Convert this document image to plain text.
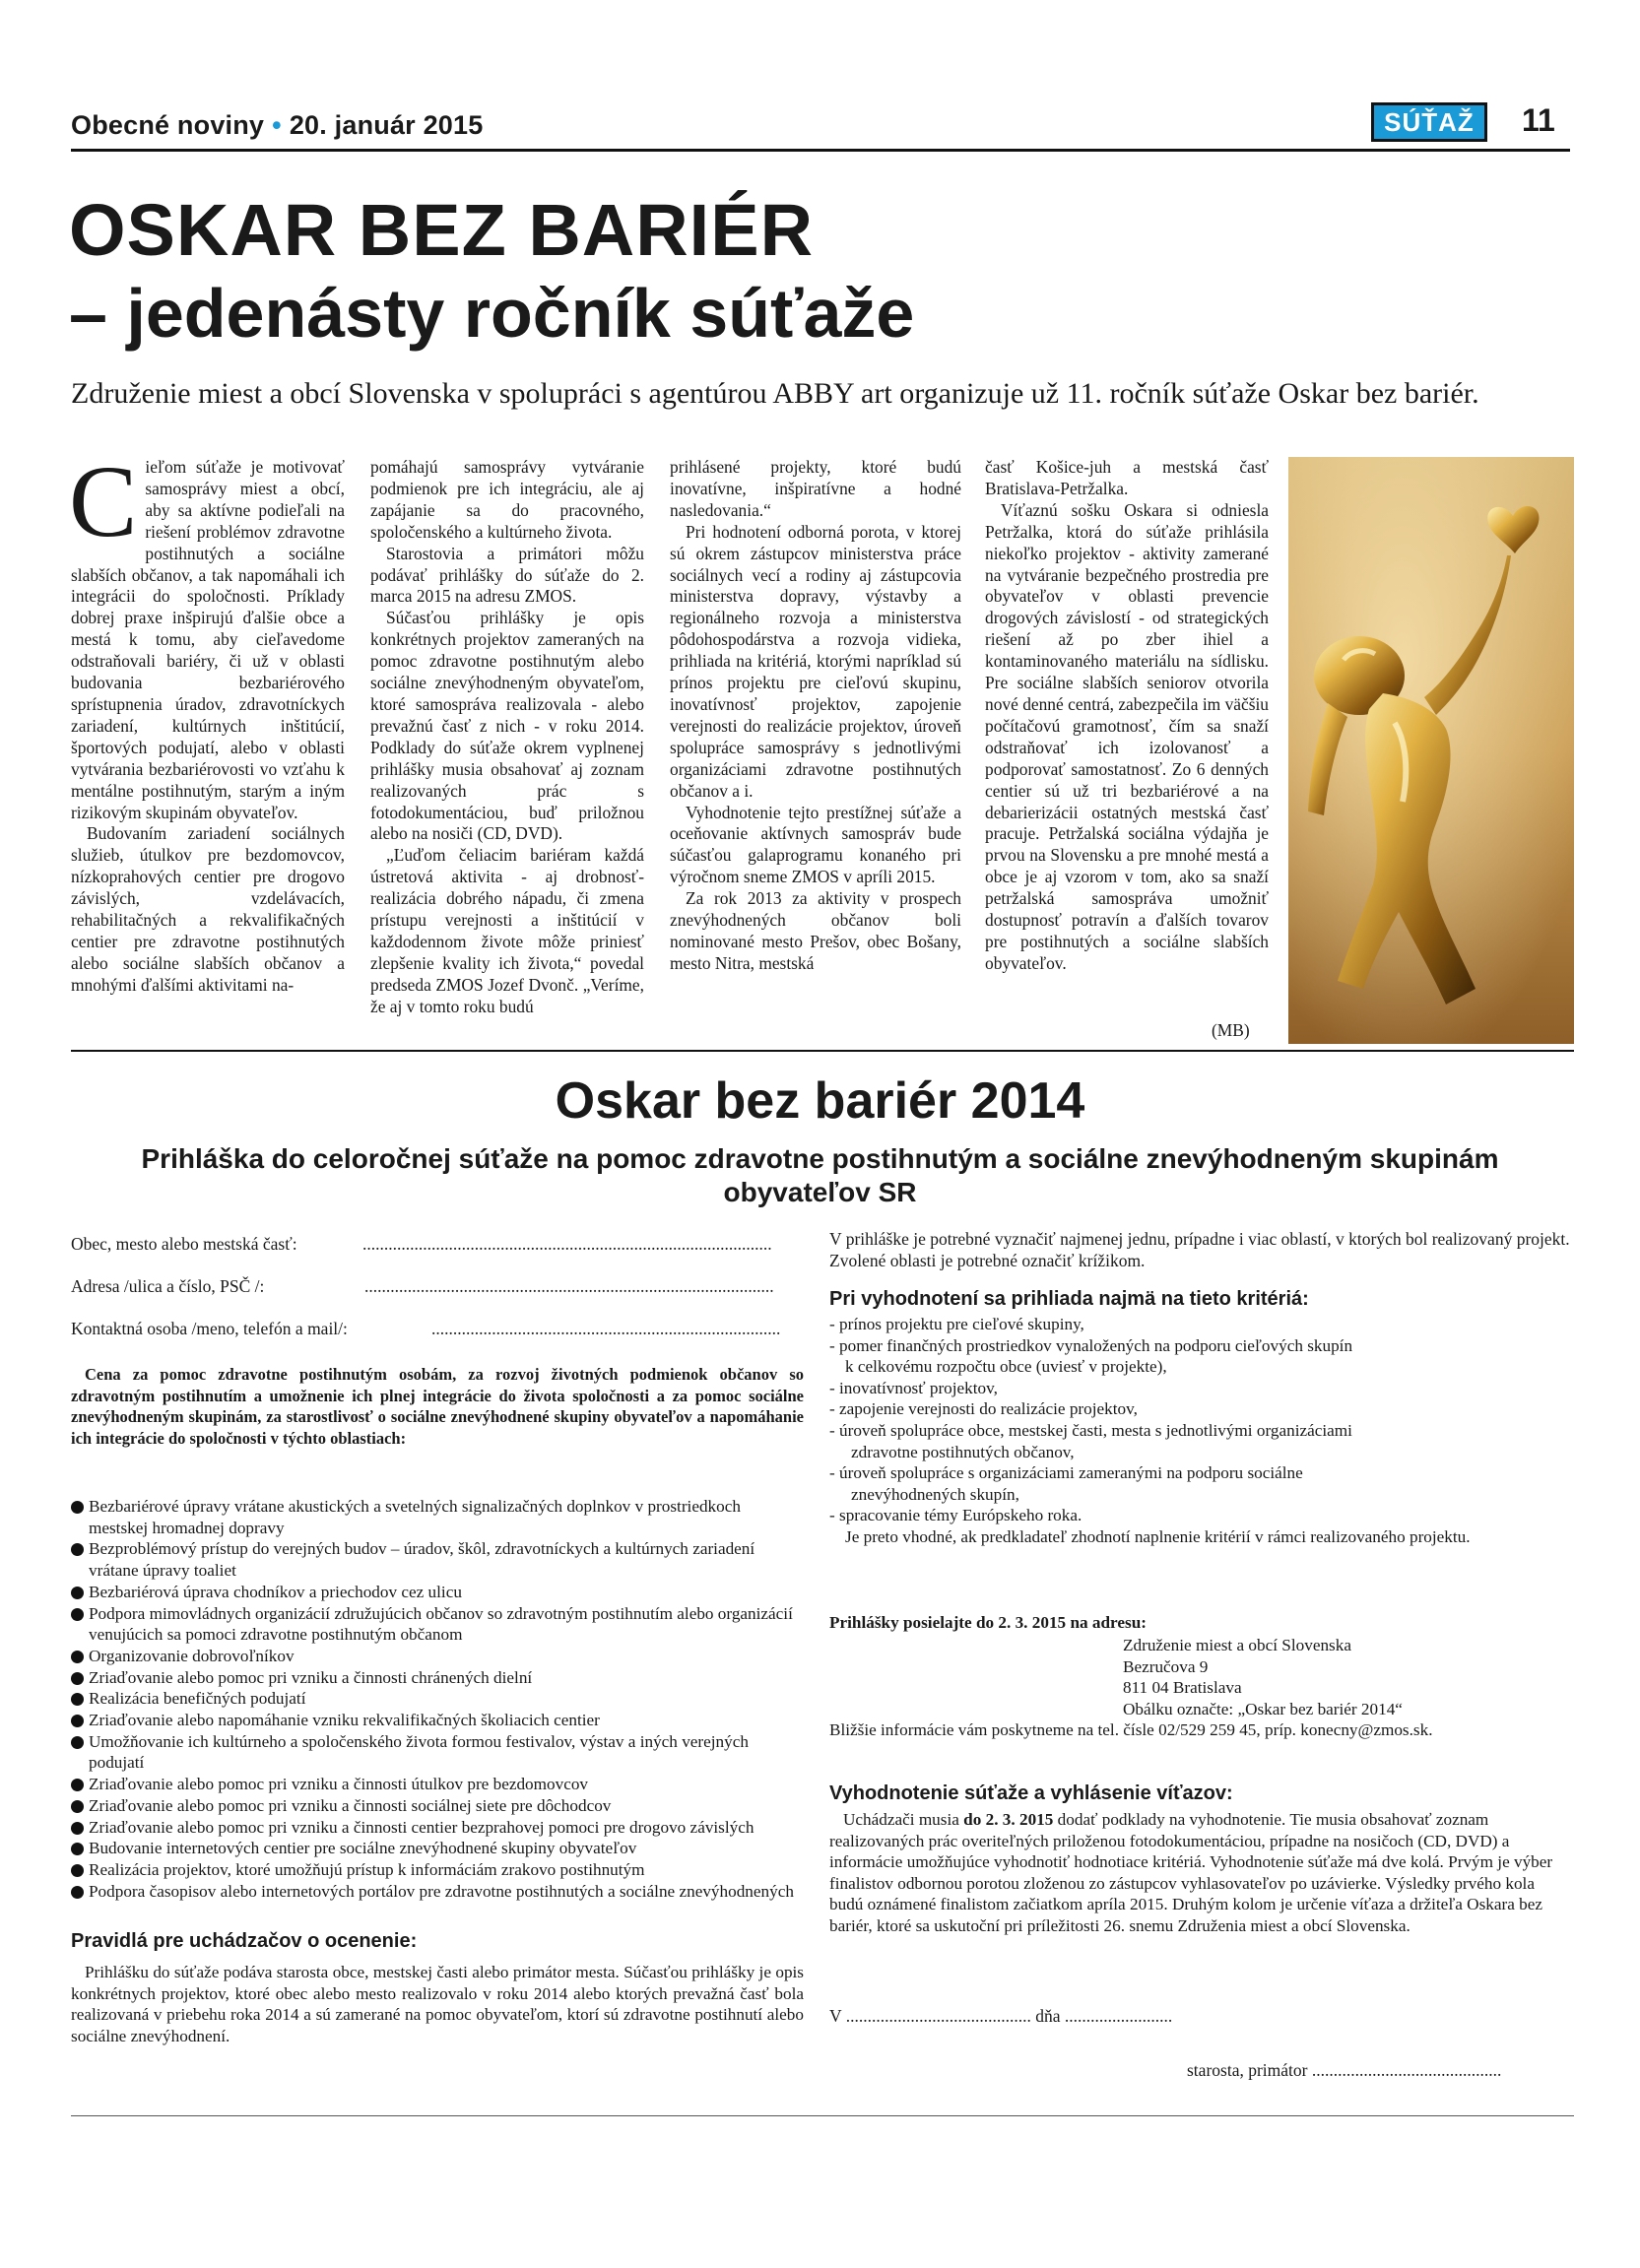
Obecné noviny • 20. január 2015	SÚŤAŽ	11
OSKAR BEZ BARIÉR
– jedenásty ročník súťaže
Združenie miest a obcí Slovenska v spolupráci s agentúrou ABBY art organizuje už 11. ročník súťaže Oskar bez bariér.

Cieľom súťaže je motivovať samosprávy miest a obcí, aby sa aktívne podieľali na riešení problémov zdravotne postihnutých a sociálne slabších občanov, a tak napomáhali ich integrácii do spoločnosti. Príklady dobrej praxe inšpirujú ďalšie obce a mestá k tomu, aby cieľavedome odstraňovali bariéry, či už v oblasti budovania bezbariérového sprístupnenia úradov, zdravotníckych zariadení, kultúrnych inštitúcií, športových podujatí, alebo v oblasti vytvárania bezbariérovosti vo vzťahu k mentálne postihnutým, starým a iným rizikovým skupinám obyvateľov.

Budovaním zariadení sociálnych služieb, útulkov pre bezdomovcov, nízkoprahových centier pre drogovo závislých, vzdelávacích, rehabilitačných a rekvalifikačných centier pre zdravotne postihnutých alebo sociálne slabších občanov a mnohými ďalšími aktivitami na-

pomáhajú samosprávy vytváranie podmienok pre ich integráciu, ale aj zapájanie sa do pracovného, spoločenského a kultúrneho života.

Starostovia a primátori môžu podávať prihlášky do súťaže do 2. marca 2015 na adresu ZMOS.

Súčasťou prihlášky je opis konkrétnych projektov zameraných na pomoc zdravotne postihnutým alebo sociálne znevýhodneným obyvateľom, ktoré samospráva realizovala - alebo prevažnú časť z nich - v roku 2014. Podklady do súťaže okrem vyplnenej prihlášky musia obsahovať aj zoznam realizovaných prác s fotodokumentáciou, buď priložnou alebo na nosiči (CD, DVD).

„Ľuďom čeliacim bariéram každá ústretová aktivita - aj drobnosť- realizácia dobrého nápadu, či zmena prístupu verejnosti a inštitúcií v každodennom živote môže priniesť zlepšenie kvality ich života,“ povedal predseda ZMOS Jozef Dvonč. „Veríme, že aj v tomto roku budú

prihlásené projekty, ktoré budú inovatívne, inšpiratívne a hodné nasledovania.“

Pri hodnotení odborná porota, v ktorej sú okrem zástupcov ministerstva práce sociálnych vecí a rodiny aj zástupcovia ministerstva dopravy, výstavby a regionálneho rozvoja a ministerstva pôdohospodárstva a rozvoja vidieka, prihliada na kritériá, ktorými napríklad sú prínos projektu pre cieľovú skupinu, inovatívnosť projektov, zapojenie verejnosti do realizácie projektov, úroveň spolupráce samosprávy s jednotlivými organizáciami zdravotne postihnutých občanov a i.

Vyhodnotenie tejto prestížnej súťaže a oceňovanie aktívnych samospráv bude súčasťou galaprogramu konaného pri výročnom sneme ZMOS v apríli 2015.

Za rok 2013 za aktivity v prospech znevýhodnených občanov boli nominované mesto Prešov, obec Bošany, mesto Nitra, mestská

časť Košice-juh a mestská časť Bratislava-Petržalka.

Víťaznú sošku Oskara si odniesla Petržalka, ktorá do súťaže prihlásila niekoľko projektov - aktivity zamerané na vytváranie bezpečného prostredia pre obyvateľov v oblasti prevencie drogových závislostí - od strategických riešení až po zber ihiel a kontaminovaného materiálu na sídlisku. Pre sociálne slabších seniorov otvorila nové denné centrá, zabezpečila im väčšiu počítačovú gramotnosť, čím sa snaží odstraňovať ich izolovanosť a podporovať samostatnosť. Zo 6 denných centier sú už tri bezbariérové a na debarierizácii ostatných mestská časť pracuje. Petržalská sociálna výdajňa je prvou na Slovensku a pre mnohé mestá a obce je aj vzorom v tom, ako sa snaží petržalská samospráva umožniť dostupnosť potravín a ďalších tovarov pre postihnutých a sociálne slabších obyvateľov.

(MB)
Oskar bez bariér 2014
Prihláška do celoročnej súťaže na pomoc zdravotne postihnutým a sociálne znevýhodneným skupinám obyvateľov SR
Obec, mesto alebo mestská časť:	...............................................................................................
Adresa /ulica a číslo, PSČ /:	...............................................................................................
Kontaktná osoba /meno, telefón a mail/:	.................................................................................
Cena za pomoc zdravotne postihnutým osobám, za rozvoj životných podmienok občanov so zdravotným postihnutím a umožnenie ich plnej integrácie do života spoločnosti a za pomoc sociálne znevýhodneným skupinám, za starostlivosť o sociálne znevýhodnené skupiny obyvateľov a napomáhanie ich integrácie do spoločnosti v týchto oblastiach:
Bezbariérové úpravy vrátane akustických a svetelných signalizačných doplnkov v prostriedkoch mestskej hromadnej dopravy
Bezproblémový prístup do verejných budov – úradov, škôl, zdravotníckych a kultúrnych zariadení vrátane úpravy toaliet
Bezbariérová úprava chodníkov a priechodov cez ulicu
Podpora mimovládnych organizácií združujúcich občanov so zdravotným postihnutím alebo organizácií venujúcich sa pomoci zdravotne postihnutým občanom
Organizovanie dobrovoľníkov
Zriaďovanie alebo pomoc pri vzniku a činnosti chránených dielní
Realizácia benefičných podujatí
Zriaďovanie alebo napomáhanie vzniku rekvalifikačných školiacich centier
Umožňovanie ich kultúrneho a spoločenského života formou festivalov, výstav a iných verejných podujatí
Zriaďovanie alebo pomoc pri vzniku a činnosti útulkov pre bezdomovcov
Zriaďovanie alebo pomoc pri vzniku a činnosti sociálnej siete pre dôchodcov
Zriaďovanie alebo pomoc pri vzniku a činnosti centier bezprahovej pomoci pre drogovo závislých
Budovanie internetových centier pre sociálne znevýhodnené skupiny obyvateľov
Realizácia projektov, ktoré umožňujú prístup k informáciám zrakovo postihnutým
Podpora časopisov alebo internetových portálov pre zdravotne postihnutých a sociálne znevýhodnených
Pravidlá pre uchádzačov o ocenenie:
Prihlášku do súťaže podáva starosta obce, mestskej časti alebo primátor mesta. Súčasťou prihlášky je opis konkrétnych projektov, ktoré obec alebo mesto realizovalo v roku 2014 alebo ktorých prevažná časť bola realizovaná v priebehu roka 2014 a sú zamerané na pomoc obyvateľom, ktorí sú zdravotne postihnutí alebo sociálne znevýhodnení.
V prihláške je potrebné vyznačiť najmenej jednu, prípadne i viac oblastí, v ktorých bol realizovaný projekt. Zvolené oblasti je potrebné označiť krížikom.
Pri vyhodnotení sa prihliada najmä na tieto kritériá:
- prínos projektu pre cieľové skupiny,
- pomer finančných prostriedkov vynaložených na podporu cieľových skupín
k celkovému rozpočtu obce (uviesť v projekte),
- inovatívnosť projektov,
- zapojenie verejnosti do realizácie projektov,
- úroveň spolupráce obce, mestskej časti, mesta s jednotlivými organizáciami
zdravotne postihnutých občanov,
- úroveň spolupráce s organizáciami zameranými na podporu sociálne
znevýhodnených skupín,
- spracovanie témy Európskeho roka.
Je preto vhodné, ak predkladateľ zhodnotí naplnenie kritérií v rámci realizovaného projektu.
Prihlášky posielajte do 2. 3. 2015 na adresu:
Združenie miest a obcí Slovenska
Bezručova 9
811 04 Bratislava
Obálku označte: „Oskar bez bariér 2014“
Bližšie informácie vám poskytneme na tel. čísle 02/529 259 45, príp. konecny@zmos.sk.
Vyhodnotenie súťaže a vyhlásenie víťazov:
Uchádzači musia do 2. 3. 2015 dodať podklady na vyhodnotenie. Tie musia obsahovať zoznam realizovaných prác overiteľných priloženou fotodokumentáciou, prípadne na nosičoch (CD, DVD) a informácie umožňujúce vyhodnotiť hodnotiace kritériá. Vyhodnotenie súťaže má dve kolá. Prvým je výber finalistov odbornou porotou zloženou zo zástupcov vyhlasovateľov po uzávierke. Výsledky prvého kola budú oznámené finalistom začiatkom apríla 2015. Druhým kolom je určenie víťaza a držiteľa Oskara bez bariér, ktoré sa uskutoční pri príležitosti 26. snemu Združenia miest a obcí Slovenska.
V ........................................... dňa .........................
starosta, primátor ............................................
